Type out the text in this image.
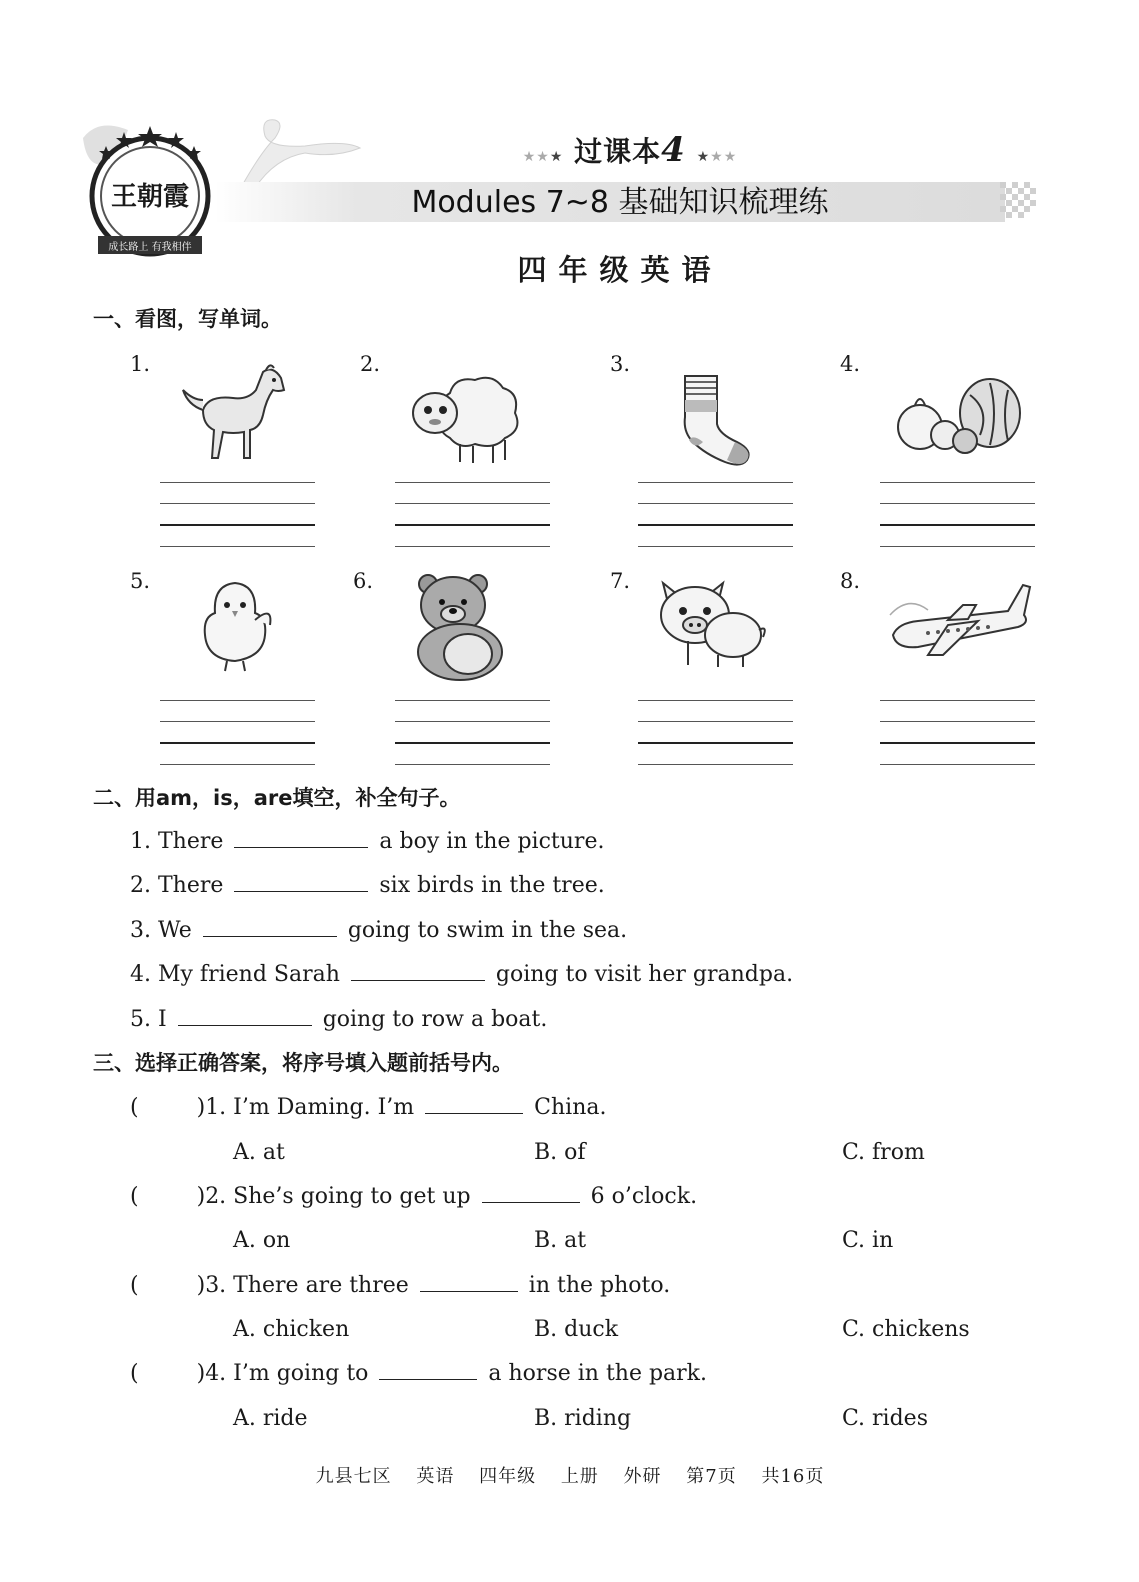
王朝霞
成长路上 有我相伴
★★★ 过课本4 ★★★
Modules 7~8 基础知识梳理练
四年级英语
一、看图，写单词。
1.	2.	3.	4.
5.	6.	7.	8.
二、用am，is，are填空，补全句子。
1. There	a boy in the picture.
2. There	six birds in the tree.
3. We	going to swim in the sea.
4. My friend Sarah	going to visit her grandpa.
5. I	going to row a boat.
三、选择正确答案，将序号填入题前括号内。
(	)1. I’m Daming. I’m	China.
A. at	B. of	C. from
(	)2. She’s going to get up	6 o’clock.
A. on	B. at	C. in
(	)3. There are three	in the photo.
A. chicken	B. duck	C. chickens
(	)4. I’m going to	a horse in the park.
A. ride	B. riding	C. rides
九县七区 英语 四年级 上册 外研 第7页 共16页
